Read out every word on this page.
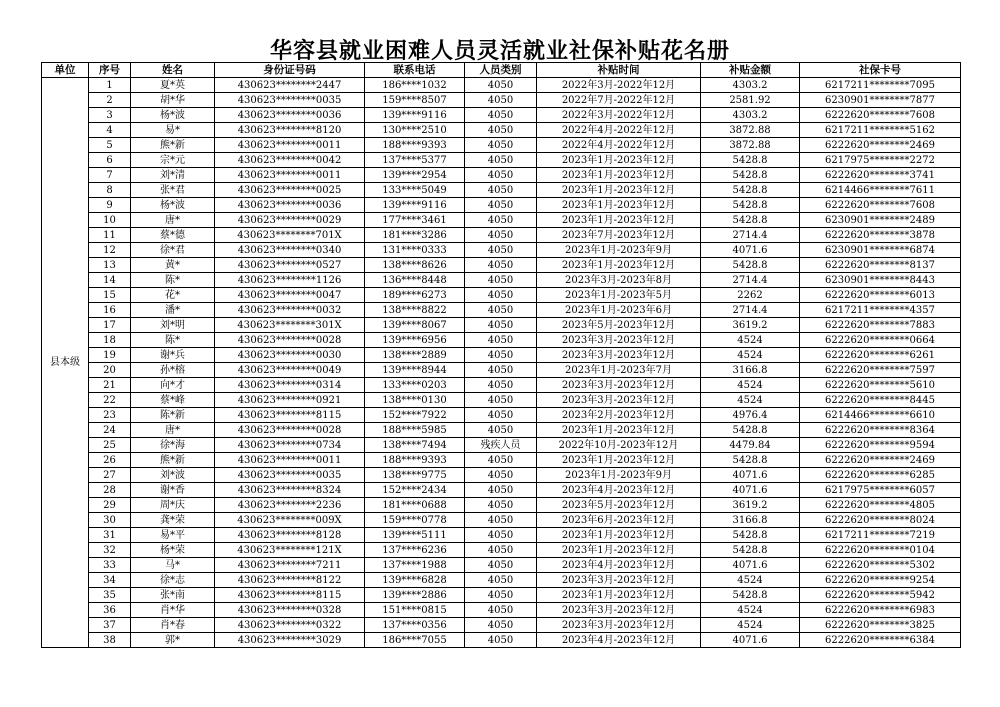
华容县就业困难人员灵活就业社保补贴花名册
单位	序号	姓名	身份证号码	联系电话	人员类别	补贴时间	补贴金额	社保卡号
县本级	1	夏*英	430623********2447	186****1032	4050	2022年3月-2022年12月	4303.2	6217211********7095
	2	胡*华	430623********0035	159****8507	4050	2022年7月-2022年12月	2581.92	6230901********7877
	3	杨*波	430623********0036	139****9116	4050	2022年3月-2022年12月	4303.2	6222620********7608
	4	易*	430623********8120	130****2510	4050	2022年4月-2022年12月	3872.88	6217211********5162
	5	熊*新	430623********0011	188****9393	4050	2022年4月-2022年12月	3872.88	6222620********2469
	6	宗*元	430623********0042	137****5377	4050	2023年1月-2023年12月	5428.8	6217975********2272
	7	刘*清	430623********0011	139****2954	4050	2023年1月-2023年12月	5428.8	6222620********3741
	8	张*君	430623********0025	133****5049	4050	2023年1月-2023年12月	5428.8	6214466********7611
	9	杨*波	430623********0036	139****9116	4050	2023年1月-2023年12月	5428.8	6222620********7608
	10	唐*	430623********0029	177****3461	4050	2023年1月-2023年12月	5428.8	6230901********2489
	11	蔡*德	430623********701X	181****3286	4050	2023年7月-2023年12月	2714.4	6222620********3878
	12	徐*君	430623********0340	131****0333	4050	2023年1月-2023年9月	4071.6	6230901********6874
	13	黄*	430623********0527	138****8626	4050	2023年1月-2023年12月	5428.8	6222620********8137
	14	陈*	430623********1126	136****8448	4050	2023年3月-2023年8月	2714.4	6230901********8443
	15	花*	430623********0047	189****6273	4050	2023年1月-2023年5月	2262	6222620********6013
	16	潘*	430623********0032	138****8822	4050	2023年1月-2023年6月	2714.4	6217211********4357
	17	刘*明	430623********301X	139****8067	4050	2023年5月-2023年12月	3619.2	6222620********7883
	18	陈*	430623********0028	139****6956	4050	2023年3月-2023年12月	4524	6222620********0664
	19	谢*兵	430623********0030	138****2889	4050	2023年3月-2023年12月	4524	6222620********6261
	20	孙*榕	430623********0049	139****8944	4050	2023年1月-2023年7月	3166.8	6222620********7597
	21	向*才	430623********0314	133****0203	4050	2023年3月-2023年12月	4524	6222620********5610
	22	蔡*峰	430623********0921	138****0130	4050	2023年3月-2023年12月	4524	6222620********8445
	23	陈*新	430623********8115	152****7922	4050	2023年2月-2023年12月	4976.4	6214466********6610
	24	唐*	430623********0028	188****5985	4050	2023年1月-2023年12月	5428.8	6222620********8364
	25	徐*海	430623********0734	138****7494	残疾人员	2022年10月-2023年12月	4479.84	6222620********9594
	26	熊*新	430623********0011	188****9393	4050	2023年1月-2023年12月	5428.8	6222620********2469
	27	刘*波	430623********0035	138****9775	4050	2023年1月-2023年9月	4071.6	6222620********6285
	28	谢*香	430623********8324	152****2434	4050	2023年4月-2023年12月	4071.6	6217975********6057
	29	周*庆	430623********2236	181****0688	4050	2023年5月-2023年12月	3619.2	6222620********4805
	30	龚*荣	430623********009X	159****0778	4050	2023年6月-2023年12月	3166.8	6222620********8024
	31	易*平	430623********8128	139****5111	4050	2023年1月-2023年12月	5428.8	6217211********7219
	32	杨*荣	430623********121X	137****6236	4050	2023年1月-2023年12月	5428.8	6222620********0104
	33	马*	430623********7211	137****1988	4050	2023年4月-2023年12月	4071.6	6222620********5302
	34	徐*志	430623********8122	139****6828	4050	2023年3月-2023年12月	4524	6222620********9254
	35	张*南	430623********8115	139****2886	4050	2023年1月-2023年12月	5428.8	6222620********5942
	36	肖*华	430623********0328	151****0815	4050	2023年3月-2023年12月	4524	6222620********6983
	37	肖*春	430623********0322	137****0356	4050	2023年3月-2023年12月	4524	6222620********3825
	38	郭*	430623********3029	186****7055	4050	2023年4月-2023年12月	4071.6	6222620********6384
